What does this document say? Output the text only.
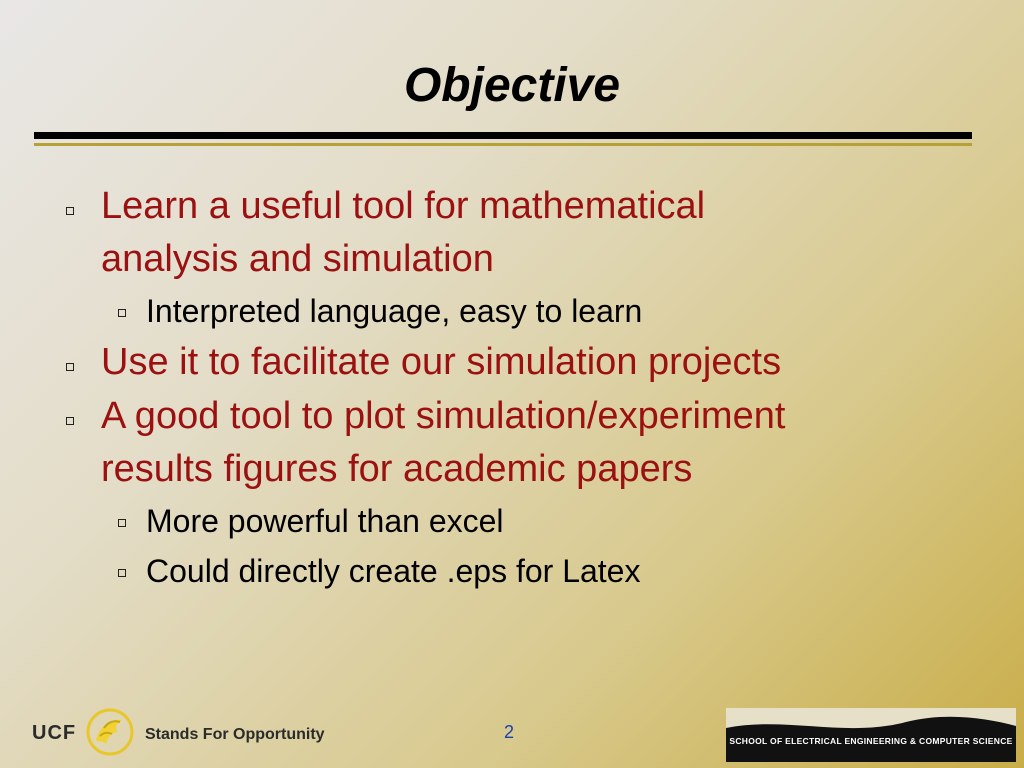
Objective
Learn a useful tool for mathematical
analysis and simulation
Interpreted language, easy to learn
Use it to facilitate our simulation projects
A good tool to plot simulation/experiment
results figures for academic papers
More powerful than excel
Could directly create .eps for Latex
UCF	Stands For Opportunity	2	SCHOOL OF ELECTRICAL ENGINEERING & COMPUTER SCIENCE
